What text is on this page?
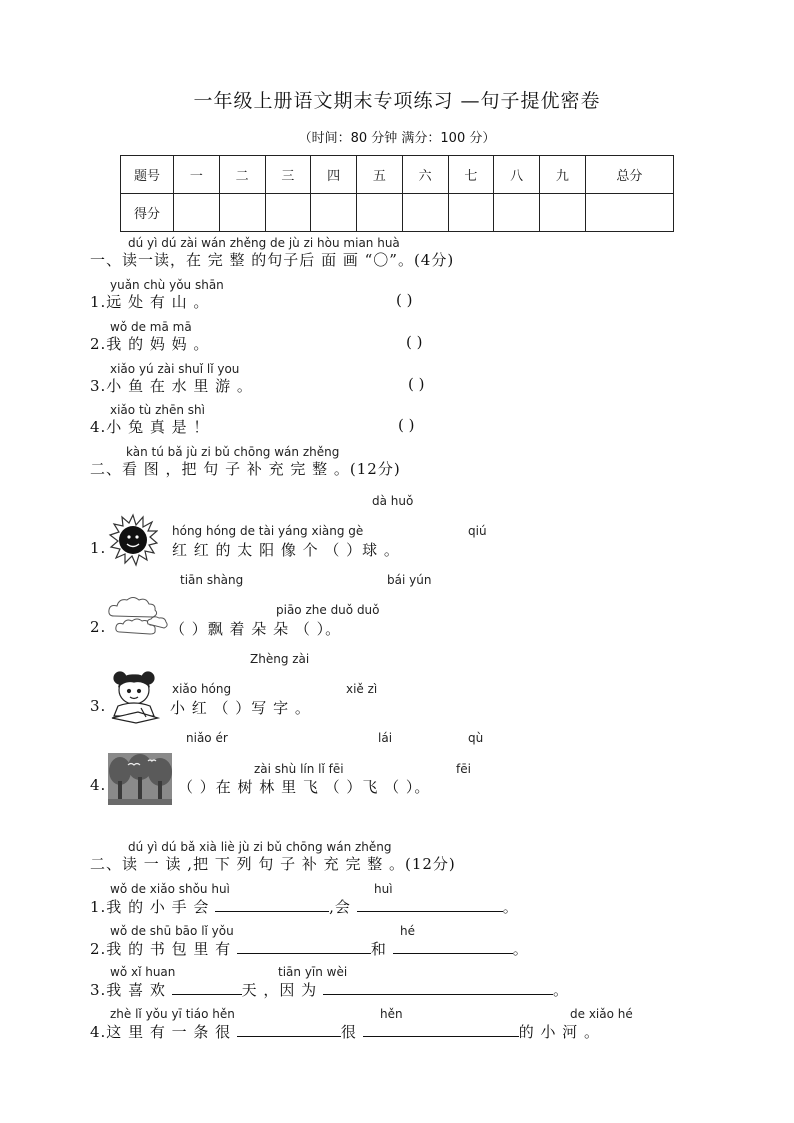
一年级上册语文期末专项练习 —句子提优密卷
（时间：80 分钟 满分：100 分）
题号	一	二	三	四	五	六	七	八	九	总分
得分										
dú yì dú zài wán zhěng de jù zi hòu mian huà
一、读一读，在 完 整 的句子后 面 画 “〇”。(4分)
yuǎn chù yǒu shān
1.远 处 有 山 。	( )
wǒ de mā mā
2.我 的 妈 妈 。	( )
xiǎo yú zài shuǐ lǐ you
3.小 鱼 在 水 里 游 。	( )
xiǎo tù zhēn shì
4.小 兔 真 是 ！	( )
kàn tú bǎ jù zi bǔ chōng wán zhěng
二、看 图 ，把 句 子 补 充 完 整 。(12分)
dà huǒ
hóng hóng de tài yáng xiàng gè	qiú
1.	红 红 的 太 阳 像 个 （ ）球 。
tiān shàng	bái yún
piāo zhe duǒ duǒ
2.	（ ）飘 着 朵 朵 （ ）。
Zhèng zài
xiǎo hóng	xiě zì
3.	小 红 （ ）写 字 。
niǎo ér	lái	qù
zài shù lín lǐ fēi	fēi
4.	（ ）在 树 林 里 飞 （ ）飞 （ ）。
dú yì dú bǎ xià liè jù zi bǔ chōng wán zhěng
二、读 一 读 ,把 下 列 句 子 补 充 完 整 。(12分)
wǒ de xiǎo shǒu huì	huì
1.我 的 小 手 会	,会	。
wǒ de shū bāo lǐ yǒu	hé
2.我 的 书 包 里 有	和	。
wǒ xǐ huan	tiān yīn wèi
3.我 喜 欢	天 ，因 为	。
zhè lǐ yǒu yī tiáo hěn	hěn	de xiǎo hé
4.这 里 有 一 条 很	很	的 小 河 。
